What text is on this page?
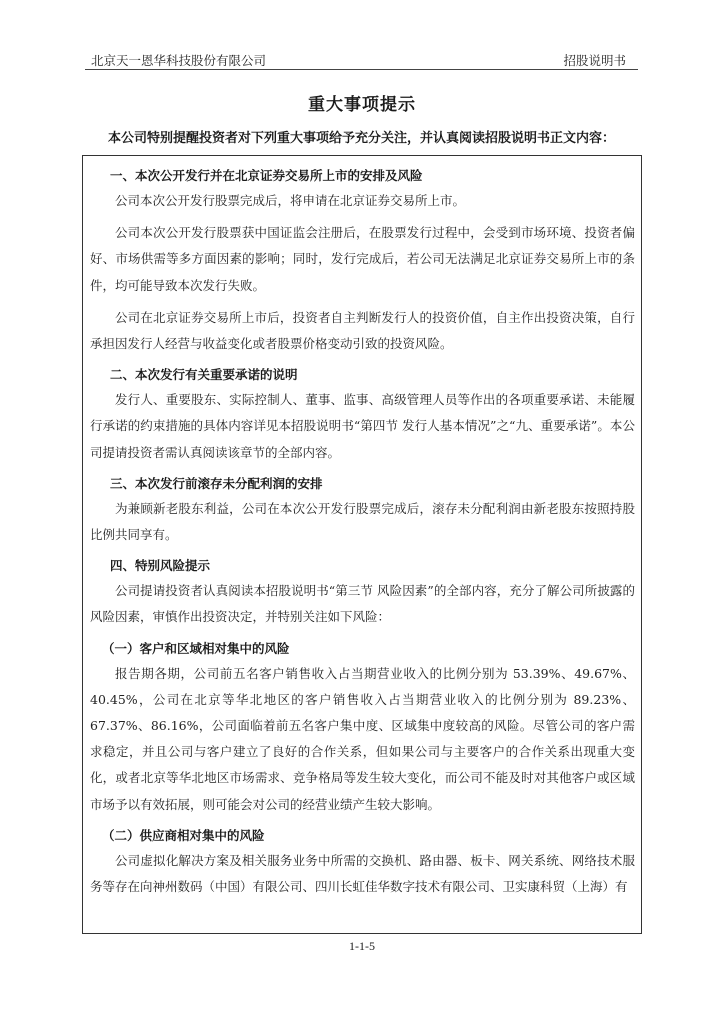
北京天一恩华科技股份有限公司	招股说明书
重大事项提示
本公司特别提醒投资者对下列重大事项给予充分关注，并认真阅读招股说明书正文内容：

一、本次公开发行并在北京证券交易所上市的安排及风险

公司本次公开发行股票完成后，将申请在北京证券交易所上市。

公司本次公开发行股票获中国证监会注册后，在股票发行过程中，会受到市场环境、投资者偏好、市场供需等多方面因素的影响；同时，发行完成后，若公司无法满足北京证券交易所上市的条件，均可能导致本次发行失败。

公司在北京证券交易所上市后，投资者自主判断发行人的投资价值，自主作出投资决策，自行承担因发行人经营与收益变化或者股票价格变动引致的投资风险。

二、本次发行有关重要承诺的说明

发行人、重要股东、实际控制人、董事、监事、高级管理人员等作出的各项重要承诺、未能履行承诺的约束措施的具体内容详见本招股说明书“第四节 发行人基本情况”之“九、重要承诺”。本公司提请投资者需认真阅读该章节的全部内容。

三、本次发行前滚存未分配利润的安排

为兼顾新老股东利益，公司在本次公开发行股票完成后，滚存未分配利润由新老股东按照持股比例共同享有。

四、特别风险提示

公司提请投资者认真阅读本招股说明书“第三节 风险因素”的全部内容，充分了解公司所披露的风险因素，审慎作出投资决定，并特别关注如下风险：

（一）客户和区域相对集中的风险

报告期各期，公司前五名客户销售收入占当期营业收入的比例分别为 53.39%、49.67%、40.45%，公司在北京等华北地区的客户销售收入占当期营业收入的比例分别为 89.23%、67.37%、86.16%，公司面临着前五名客户集中度、区域集中度较高的风险。尽管公司的客户需求稳定，并且公司与客户建立了良好的合作关系，但如果公司与主要客户的合作关系出现重大变化，或者北京等华北地区市场需求、竞争格局等发生较大变化，而公司不能及时对其他客户或区域市场予以有效拓展，则可能会对公司的经营业绩产生较大影响。

（二）供应商相对集中的风险

公司虚拟化解决方案及相关服务业务中所需的交换机、路由器、板卡、网关系统、网络技术服务等存在向神州数码（中国）有限公司、四川长虹佳华数字技术有限公司、卫实康科贸（上海）有

1-1-5
